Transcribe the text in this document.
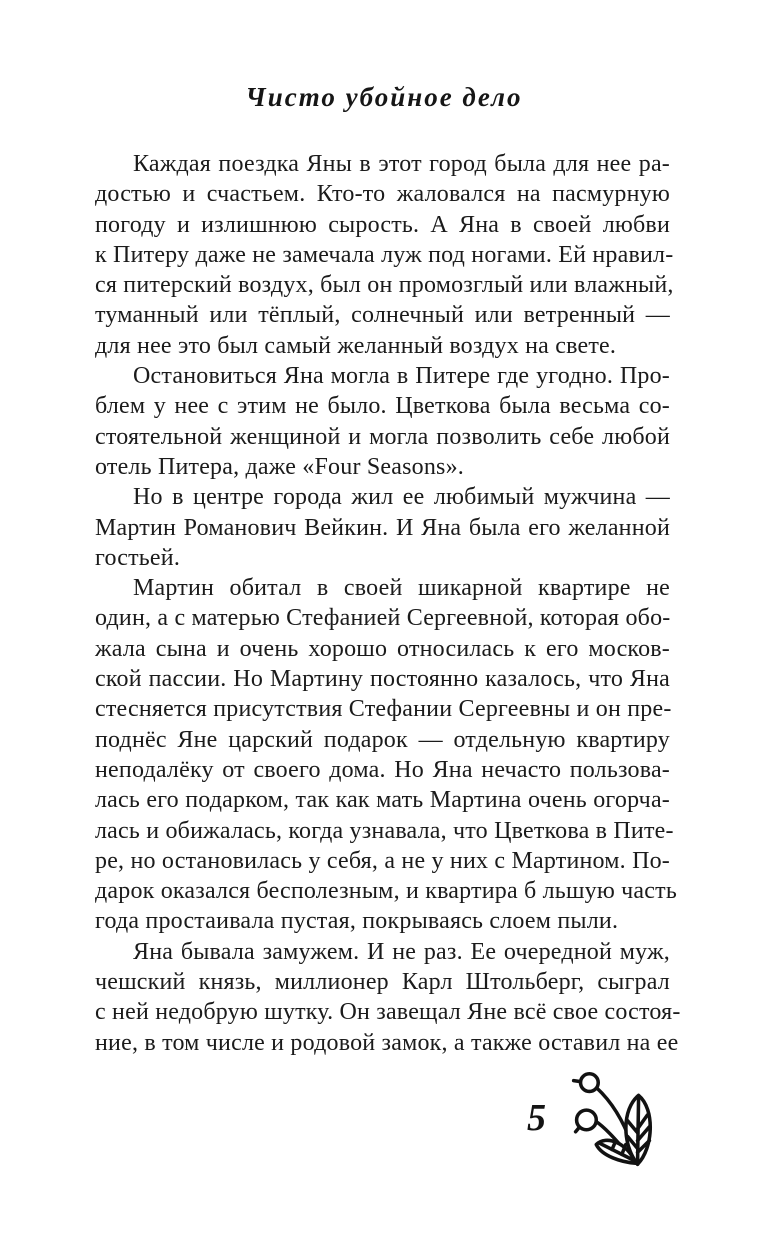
Чисто убойное дело
Каждая поездка Яны в этот город была для нее ра-
достью и счастьем. Кто-то жаловался на пасмурную
погоду и излишнюю сырость. А Яна в своей любви
к Питеру даже не замечала луж под ногами. Ей нравил-
ся питерский воздух, был он промозглый или влажный,
туманный или тёплый, солнечный или ветренный —
для нее это был самый желанный воздух на свете.
Остановиться Яна могла в Питере где угодно. Про-
блем у нее с этим не было. Цветкова была весьма со-
стоятельной женщиной и могла позволить себе любой
отель Питера, даже «Four Seasons».
Но в центре города жил ее любимый мужчина —
Мартин Романович Вейкин. И Яна была его желанной
гостьей.
Мартин обитал в своей шикарной квартире не
один, а с матерью Стефанией Сергеевной, которая обо-
жала сына и очень хорошо относилась к его москов-
ской пассии. Но Мартину постоянно казалось, что Яна
стесняется присутствия Стефании Сергеевны и он пре-
поднёс Яне царский подарок — отдельную квартиру
неподалёку от своего дома. Но Яна нечасто пользова-
лась его подарком, так как мать Мартина очень огорча-
лась и обижалась, когда узнавала, что Цветкова в Пите-
ре, но остановилась у себя, а не у них с Мартином. По-
дарок оказался бесполезным, и квартира б льшую часть
года простаивала пустая, покрываясь слоем пыли.
Яна бывала замужем. И не раз. Ее очередной муж,
чешский князь, миллионер Карл Штольберг, сыграл
с ней недобрую шутку. Он завещал Яне всё свое состоя-
ние, в том числе и родовой замок, а также оставил на ее
5
